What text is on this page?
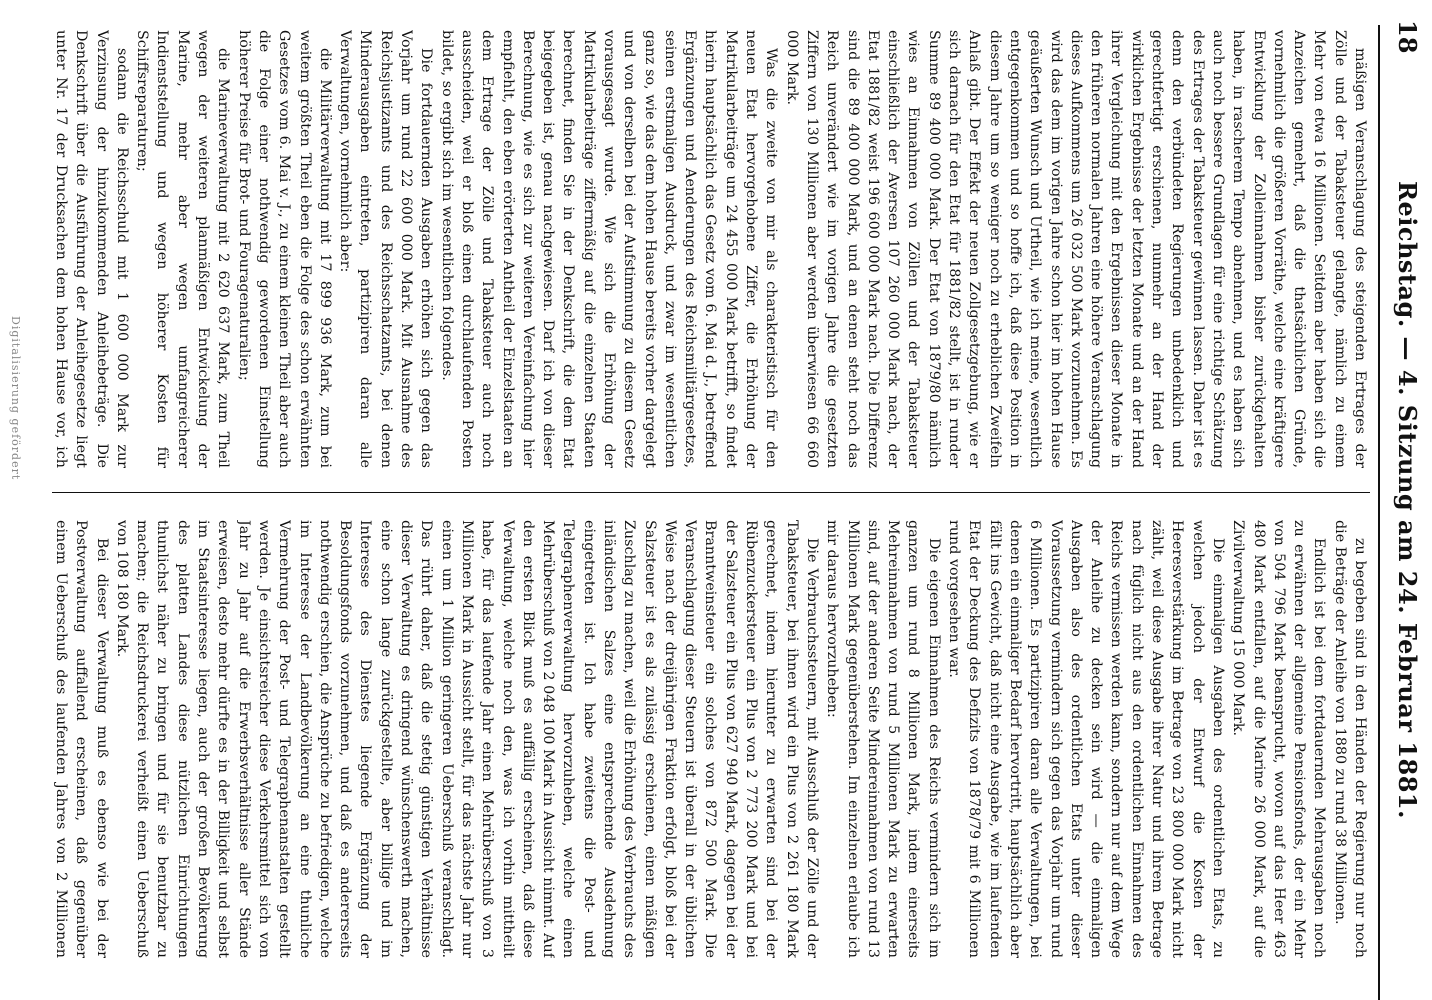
18
Reichstag. — 4. Sitzung am 24. Februar 1881.

mäßigen Veranschlagung des steigenden Ertrages der Zölle und der Tabaksteuer gelangte, nämlich zu einem Mehr von etwa 16 Millionen. Seitdem aber haben sich die Anzeichen gemehrt, daß die thatsächlichen Gründe, vornehmlich die größeren Vorräthe, welche eine kräftigere Entwicklung der Zolleinnahmen bisher zurückgehalten haben, in rascherem Tempo abnehmen, und es haben sich auch noch bessere Grundlagen für eine richtige Schätzung des Ertrages der Tabaksteuer gewinnen lassen. Daher ist es denn den verbündeten Regierungen unbedenklich und gerechtfertigt erschienen, nunmehr an der Hand der wirklichen Ergebnisse der letzten Monate und an der Hand ihrer Vergleichung mit den Ergebnissen dieser Monate in den früheren normalen Jahren eine höhere Veranschlagung dieses Aufkommens um 26 032 500 Mark vorzunehmen. Es wird das dem im vorigen Jahre schon hier im hohen Hause geäußerten Wunsch und Urtheil, wie ich meine, wesentlich entgegenkommen und so hoffe ich, daß diese Position in diesem Jahre um so weniger noch zu erheblichen Zweifeln Anlaß gibt. Der Effekt der neuen Zollgesetzgebung, wie er sich darnach für den Etat für 1881/82 stellt, ist in runder Summe 89 400 000 Mark. Der Etat von 1879/80 nämlich wies an Einnahmen von Zöllen und der Tabaksteuer einschließlich der Aversen 107 260 000 Mark nach, der Etat 1881/82 weist 196 600 000 Mark nach. Die Differenz sind die 89 400 000 Mark, und an denen steht noch das Reich unverändert wie im vorigen Jahre die gesetzten Ziffern von 130 Millionen aber werden überwiesen 66 660 000 Mark.

Was die zweite von mir als charakteristisch für den neuen Etat hervorgehobene Ziffer, die Erhöhung der Matrikularbeiträge um 24 455 000 Mark betrifft, so findet hierin hauptsächlich das Gesetz vom 6. Mai d. J., betreffend Ergänzungen und Aenderungen des Reichsmilitärgesetzes, seinen erstmaligen Ausdruck, und zwar im wesentlichen ganz so, wie das dem hohen Hause bereits vorher dargelegt und von derselben bei der Aufstimmung zu diesem Gesetz vorausgesagt wurde. Wie sich die Erhöhung der Matrikularbeiträge ziffermäßig auf die einzelnen Staaten berechnet, finden Sie in der Denkschrift, die dem Etat beigegeben ist, genau nachgewiesen. Darf ich von dieser Berechnung, wie es sich zur weiteren Vereinfachung hier empfiehlt, den eben erörterten Antheil der Einzelstaaten an dem Ertrage der Zölle und Tabaksteuer auch noch ausscheiden, weil er bloß einen durchlaufenden Posten bildet, so ergibt sich im wesentlichen folgendes.

Die fortdauernden Ausgaben erhöhen sich gegen das Vorjahr um rund 22 600 000 Mark. Mit Ausnahme des Reichsjustizamts und des Reichsschatzamts, bei denen Minderausgaben eintreten, partizipiren daran alle Verwaltungen, vornehmlich aber:

die Militärverwaltung mit 17 899 936 Mark, zum bei weitem größten Theil eben die Folge des schon erwähnten Gesetzes vom 6. Mai v. J., zu einem kleinen Theil aber auch die Folge einer nothwendig gewordenen Einstellung höherer Preise für Brot- und Fouragenaturalien;

die Marineverwaltung mit 2 620 637 Mark, zum Theil wegen der weiteren planmäßigen Entwickelung der Marine, mehr aber wegen umfangreicherer Indienststellung und wegen höherer Kosten für Schiffsreparaturen;

sodann die Reichsschuld mit 1 600 000 Mark zur Verzinsung der hinzukommenden Anleihebeträge. Die Denkschrift über die Ausführung der Anleihegesetze liegt unter Nr. 17 der Drucksachen dem hohen Hause vor, ich

zu begeben sind in den Händen der Regierung nur noch die Beträge der Anleihe von 1880 zu rund 38 Millionen.

Endlich ist bei dem fortdauernden Mehrausgaben noch zu erwähnen der allgemeine Pensionsfonds, der ein Mehr von 504 796 Mark beansprucht, wovon auf das Heer 463 480 Mark entfallen, auf die Marine 26 000 Mark, auf die Zivilverwaltung 15 000 Mark.

Die einmaligen Ausgaben des ordentlichen Etats, zu welchen jedoch der Entwurf die Kosten der Heeresverstärkung im Betrage von 23 800 000 Mark nicht zählt, weil diese Ausgabe ihrer Natur und ihrem Betrage nach füglich nicht aus den ordentlichen Einnahmen des Reichs vermissen werden kann, sondern nur auf dem Wege der Anleihe zu decken sein wird — die einmaligen Ausgaben also des ordentlichen Etats unter dieser Voraussetzung vermindern sich gegen das Vorjahr um rund 6 Millionen. Es partizipiren daran alle Verwaltungen, bei denen ein einmaliger Bedarf hervortritt, hauptsächlich aber fällt ins Gewicht, daß nicht eine Ausgabe, wie im laufenden Etat der Deckung des Defizits von 1878/79 mit 6 Millionen rund vorgesehen war.

Die eigenen Einnahmen des Reichs vermindern sich im ganzen um rund 8 Millionen Mark, indem einerseits Mehreinnahmen von rund 5 Millionen Mark zu erwarten sind, auf der anderen Seite Mindereinnahmen von rund 13 Millionen Mark gegenüberstehen. Im einzelnen erlaube ich mir daraus hervorzuheben:

Die Verbrauchssteuern, mit Ausschluß der Zölle und der Tabaksteuer, bei ihnen wird ein Plus von 2 261 180 Mark gerechnet, indem hierunter zu erwarten sind bei der Rübenzuckersteuer ein Plus von 2 773 200 Mark und bei der Salzsteuer ein Plus von 627 940 Mark, dagegen bei der Branntweinsteuer ein solches von 872 500 Mark. Die Veranschlagung dieser Steuern ist überall in der üblichen Weise nach der dreijährigen Fraktion erfolgt, bloß bei der Salzsteuer ist es als zulässig erschienen, einen mäßigen Zuschlag zu machen, weil die Erhöhung des Verbrauchs des inländischen Salzes eine entsprechende Ausdehnung eingetreten ist. Ich habe zweitens die Post- und Telegraphenverwaltung hervorzuheben, welche einen Mehrüberschuß von 2 048 100 Mark in Aussicht nimmt. Auf den ersten Blick muß es auffällig erscheinen, daß diese Verwaltung, welche noch den, was ich vorhin mittheilt habe, für das laufende Jahr einen Mehrüberschuß von 3 Millionen Mark in Aussicht stellt, für das nächste Jahr nur einen um 1 Million geringeren Ueberschuß veranschlagt. Das rührt daher, daß die stetig günstigen Verhältnisse dieser Verwaltung es dringend wünschenswerth machen, eine schon lange zurückgestellte, aber billige und im Interesse des Dienstes liegende Ergänzung der Besoldungsfonds vorzunehmen, und daß es andererseits nothwendig erschien, die Ansprüche zu befriedigen, welche im Interesse der Landbevölkerung an eine thunliche Vermehrung der Post- und Telegraphenanstalten gestellt werden. Je einsichtsreicher diese Verkehrsmittel sich von Jahr zu Jahr auf die Erwerbsverhältnisse aller Stände erweisen, desto mehr dürfte es in der Billigkeit und selbst im Staatsinteresse liegen, auch der großen Bevölkerung des platten Landes diese nützlichen Einrichtungen thunlichst näher zu bringen und für sie benutzbar zu machen; die Reichsdruckerei verheißt einen Ueberschuß von 108 180 Mark.

Bei dieser Verwaltung muß es ebenso wie bei der Postverwaltung auffallend erscheinen, daß gegenüber einem Ueberschuß des laufenden Jahres von 2 Millionen

Digitalisierung gefördert
